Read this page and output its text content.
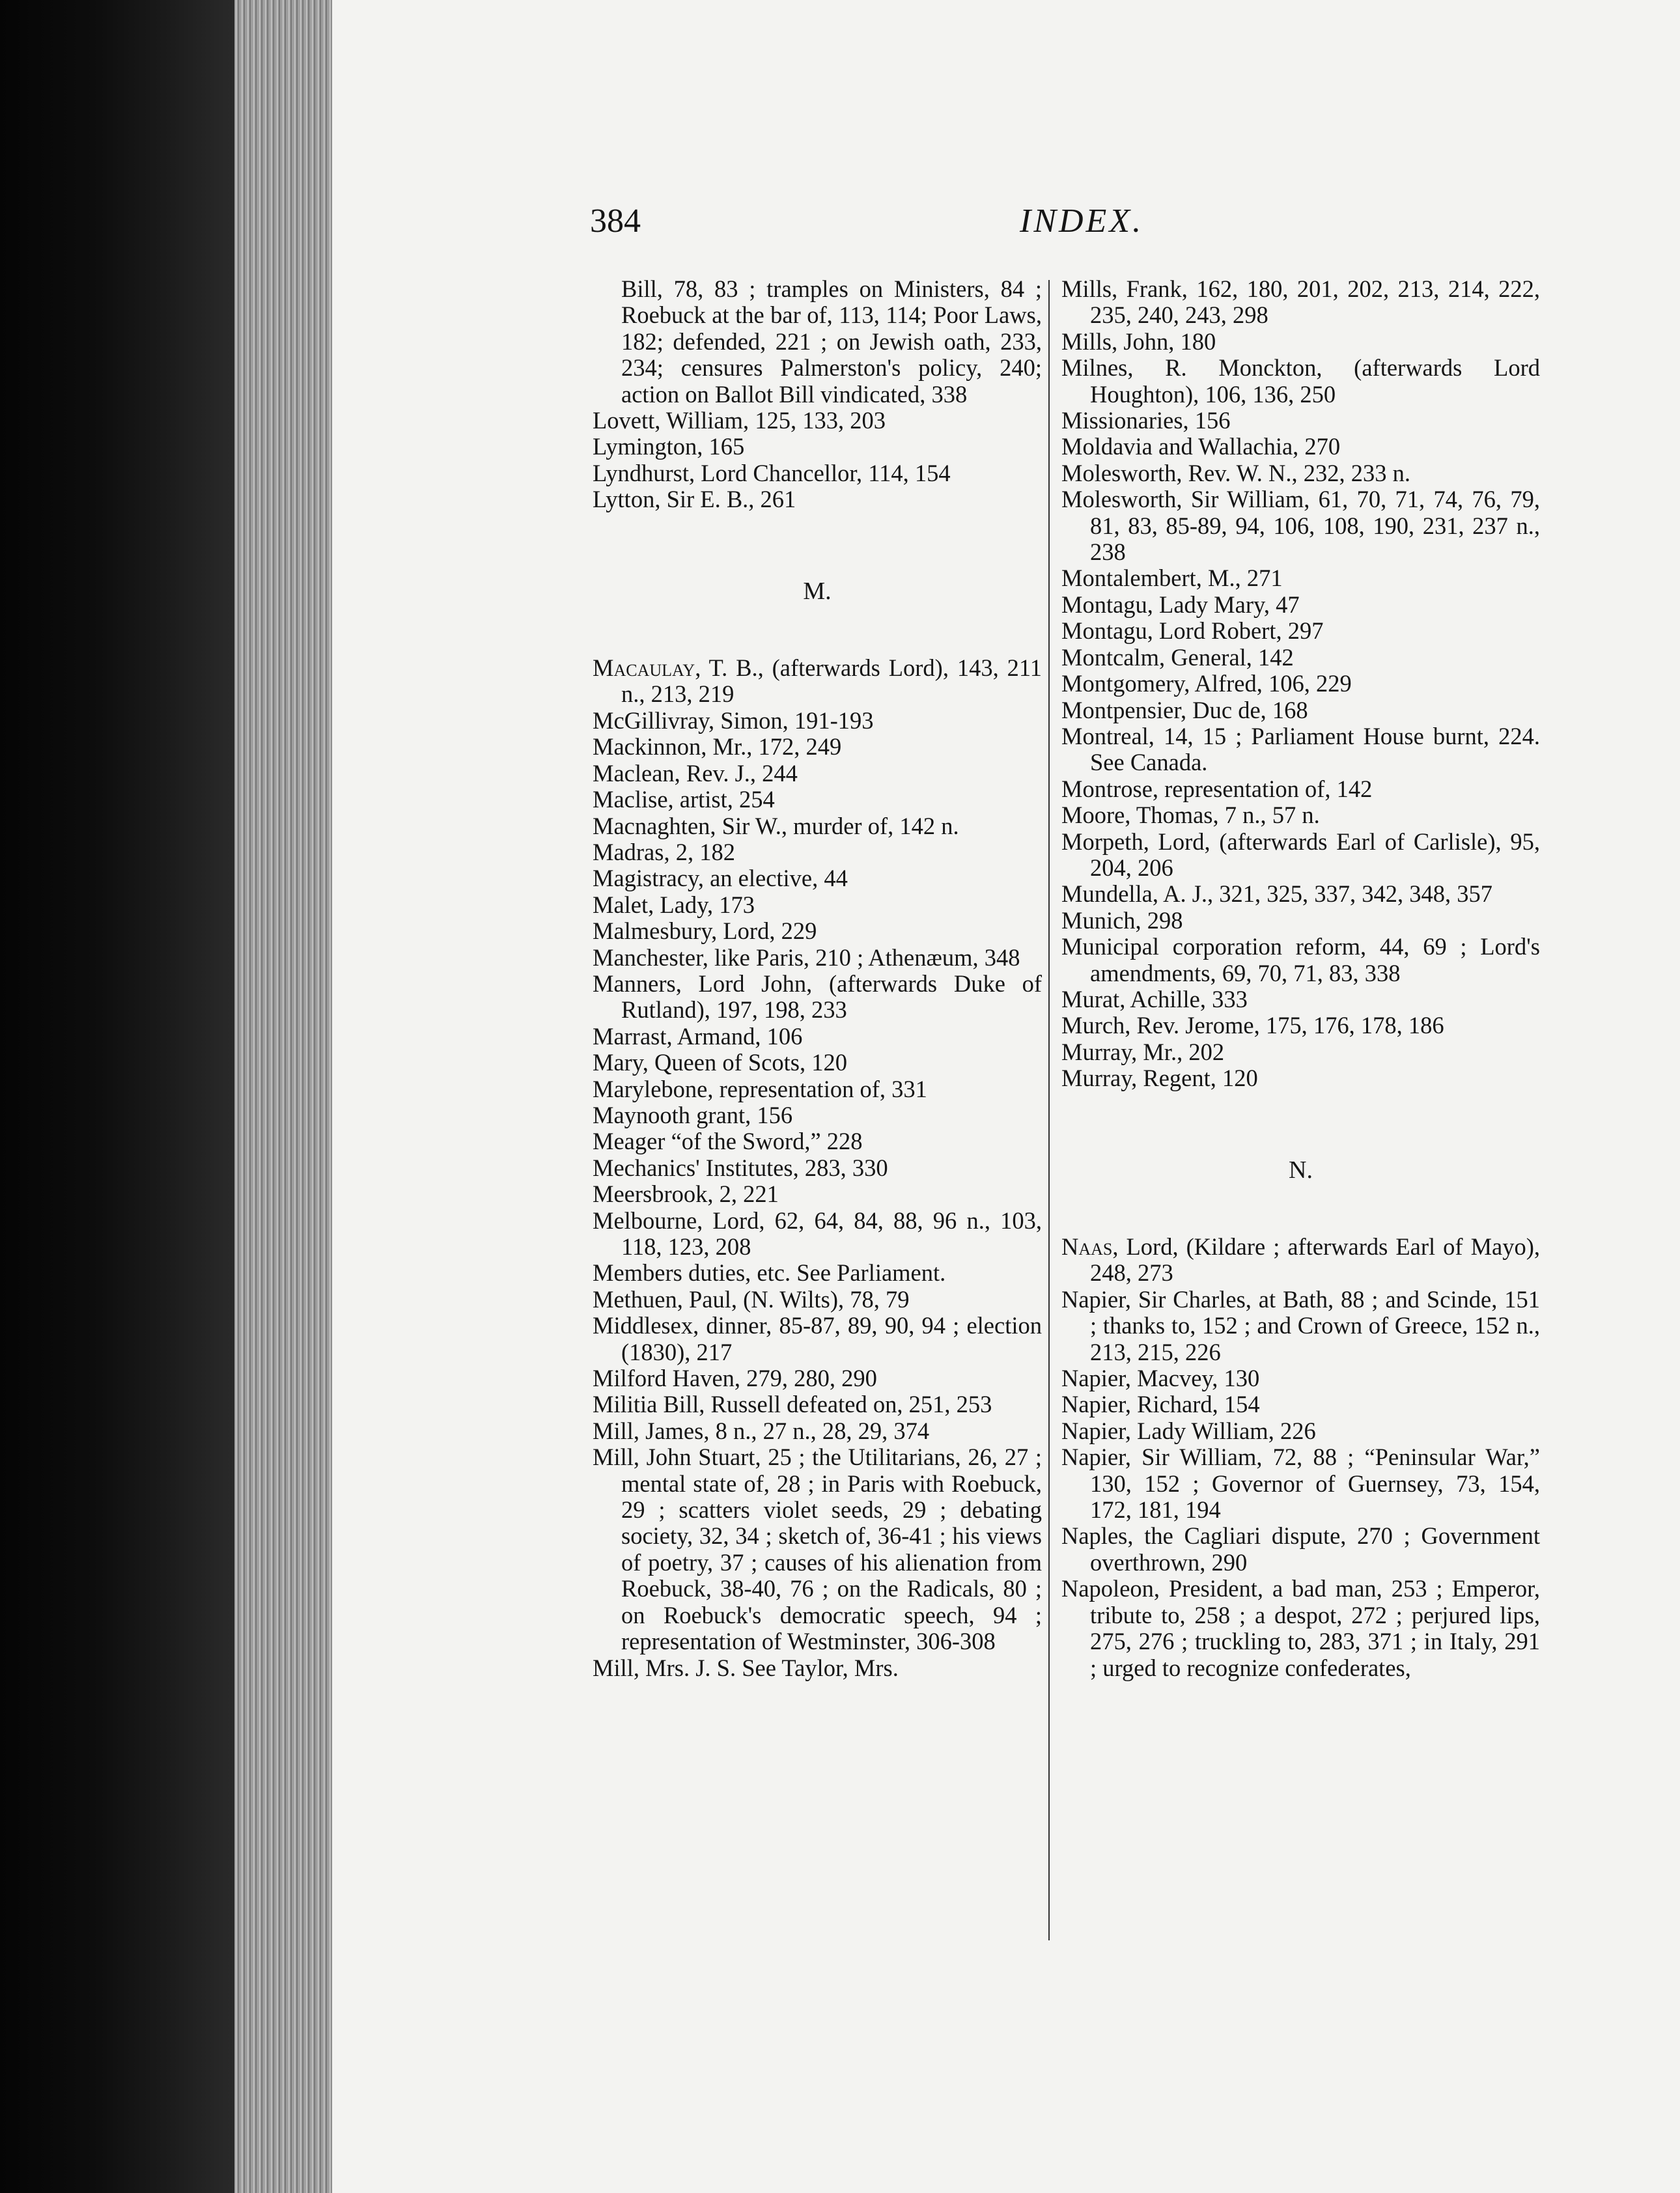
384	INDEX.

Bill, 78, 83 ; tramples on Ministers, 84 ; Roebuck at the bar of, 113, 114; Poor Laws, 182; defended, 221 ; on Jewish oath, 233, 234; censures Palmerston's policy, 240; action on Ballot Bill vindicated, 338

Lovett, William, 125, 133, 203

Lymington, 165

Lyndhurst, Lord Chancellor, 114, 154

Lytton, Sir E. B., 261

M.

Macaulay, T. B., (afterwards Lord), 143, 211 n., 213, 219

McGillivray, Simon, 191-193

Mackinnon, Mr., 172, 249

Maclean, Rev. J., 244

Maclise, artist, 254

Macnaghten, Sir W., murder of, 142 n.

Madras, 2, 182

Magistracy, an elective, 44

Malet, Lady, 173

Malmesbury, Lord, 229

Manchester, like Paris, 210 ; Athenæum, 348

Manners, Lord John, (afterwards Duke of Rutland), 197, 198, 233

Marrast, Armand, 106

Mary, Queen of Scots, 120

Marylebone, representation of, 331

Maynooth grant, 156

Meager “of the Sword,” 228

Mechanics' Institutes, 283, 330

Meersbrook, 2, 221

Melbourne, Lord, 62, 64, 84, 88, 96 n., 103, 118, 123, 208

Members duties, etc. See Parliament.

Methuen, Paul, (N. Wilts), 78, 79

Middlesex, dinner, 85-87, 89, 90, 94 ; election (1830), 217

Milford Haven, 279, 280, 290

Militia Bill, Russell defeated on, 251, 253

Mill, James, 8 n., 27 n., 28, 29, 374

Mill, John Stuart, 25 ; the Utilitarians, 26, 27 ; mental state of, 28 ; in Paris with Roebuck, 29 ; scatters violet seeds, 29 ; debating society, 32, 34 ; sketch of, 36-41 ; his views of poetry, 37 ; causes of his alienation from Roebuck, 38-40, 76 ; on the Radicals, 80 ; on Roebuck's democratic speech, 94 ; representation of Westminster, 306-308

Mill, Mrs. J. S. See Taylor, Mrs.

Mills, Frank, 162, 180, 201, 202, 213, 214, 222, 235, 240, 243, 298

Mills, John, 180

Milnes, R. Monckton, (afterwards Lord Houghton), 106, 136, 250

Missionaries, 156

Moldavia and Wallachia, 270

Molesworth, Rev. W. N., 232, 233 n.

Molesworth, Sir William, 61, 70, 71, 74, 76, 79, 81, 83, 85-89, 94, 106, 108, 190, 231, 237 n., 238

Montalembert, M., 271

Montagu, Lady Mary, 47

Montagu, Lord Robert, 297

Montcalm, General, 142

Montgomery, Alfred, 106, 229

Montpensier, Duc de, 168

Montreal, 14, 15 ; Parliament House burnt, 224. See Canada.

Montrose, representation of, 142

Moore, Thomas, 7 n., 57 n.

Morpeth, Lord, (afterwards Earl of Carlisle), 95, 204, 206

Mundella, A. J., 321, 325, 337, 342, 348, 357

Munich, 298

Municipal corporation reform, 44, 69 ; Lord's amendments, 69, 70, 71, 83, 338

Murat, Achille, 333

Murch, Rev. Jerome, 175, 176, 178, 186

Murray, Mr., 202

Murray, Regent, 120

N.

Naas, Lord, (Kildare ; afterwards Earl of Mayo), 248, 273

Napier, Sir Charles, at Bath, 88 ; and Scinde, 151 ; thanks to, 152 ; and Crown of Greece, 152 n., 213, 215, 226

Napier, Macvey, 130

Napier, Richard, 154

Napier, Lady William, 226

Napier, Sir William, 72, 88 ; “Peninsular War,” 130, 152 ; Governor of Guernsey, 73, 154, 172, 181, 194

Naples, the Cagliari dispute, 270 ; Government overthrown, 290

Napoleon, President, a bad man, 253 ; Emperor, tribute to, 258 ; a despot, 272 ; perjured lips, 275, 276 ; truckling to, 283, 371 ; in Italy, 291 ; urged to recognize confederates,
